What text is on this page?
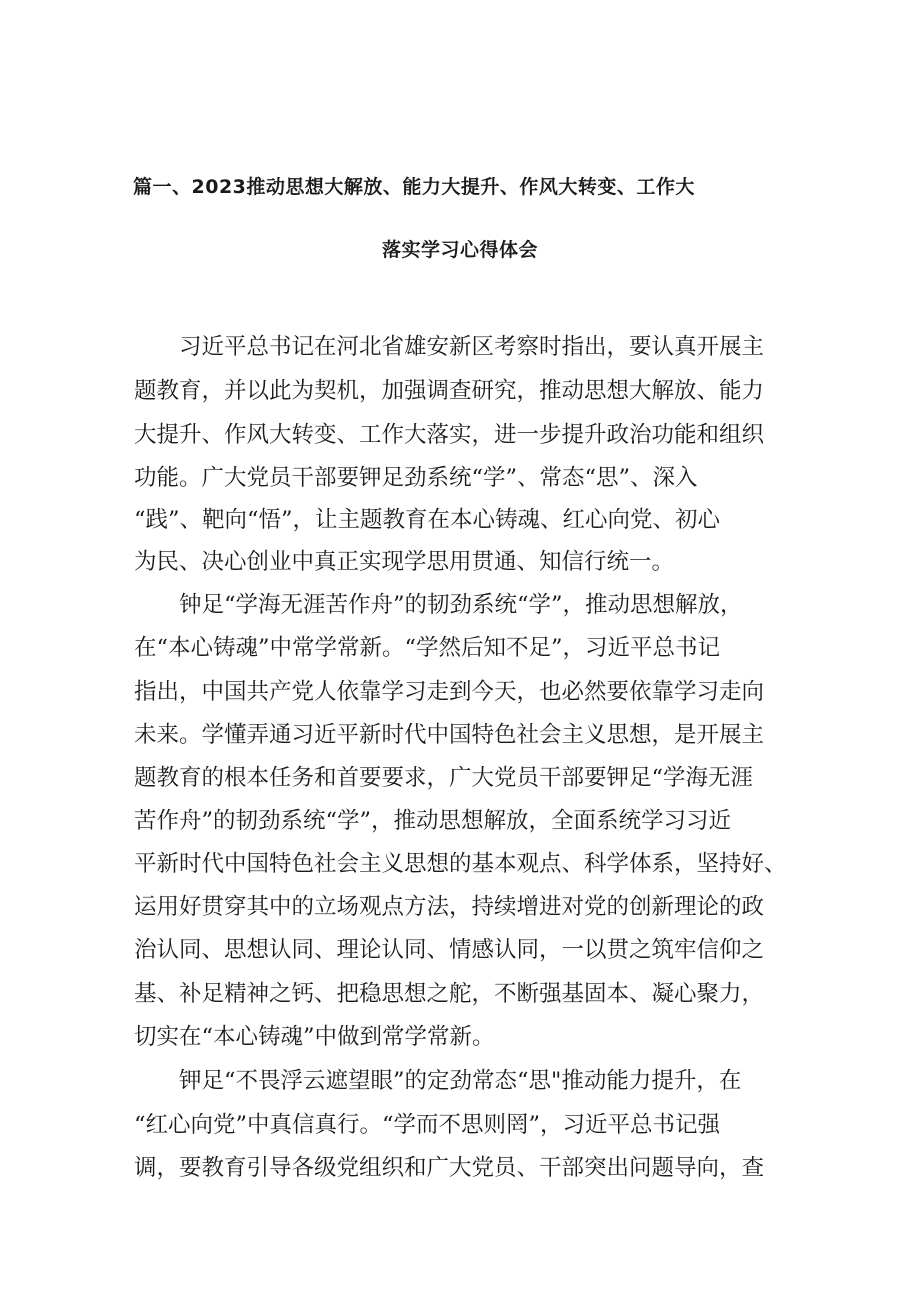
篇一、2023推动思想大解放、能力大提升、作风大转变、工作大
落实学习心得体会
习近平总书记在河北省雄安新区考察时指出，要认真开展主
题教育，并以此为契机，加强调查研究，推动思想大解放、能力
大提升、作风大转变、工作大落实，进一步提升政治功能和组织
功能。广大党员干部要钾足劲系统“学”、常态“思”、深入
“践”、靶向“悟”，让主题教育在本心铸魂、红心向党、初心
为民、决心创业中真正实现学思用贯通、知信行统一。
钟足“学海无涯苦作舟”的韧劲系统“学”，推动思想解放，
在“本心铸魂”中常学常新。“学然后知不足”，习近平总书记
指出，中国共产党人依靠学习走到今天，也必然要依靠学习走向
未来。学懂弄通习近平新时代中国特色社会主义思想，是开展主
题教育的根本任务和首要要求，广大党员干部要钾足“学海无涯
苦作舟”的韧劲系统“学”，推动思想解放，全面系统学习习近
平新时代中国特色社会主义思想的基本观点、科学体系，坚持好、
运用好贯穿其中的立场观点方法，持续增进对党的创新理论的政
治认同、思想认同、理论认同、情感认同，一以贯之筑牢信仰之
基、补足精神之钙、把稳思想之舵，不断强基固本、凝心聚力，
切实在“本心铸魂”中做到常学常新。
钾足“不畏浮云遮望眼”的定劲常态“思"推动能力提升，在
“红心向党”中真信真行。“学而不思则罔”，习近平总书记强
调，要教育引导各级党组织和广大党员、干部突出问题导向，查
